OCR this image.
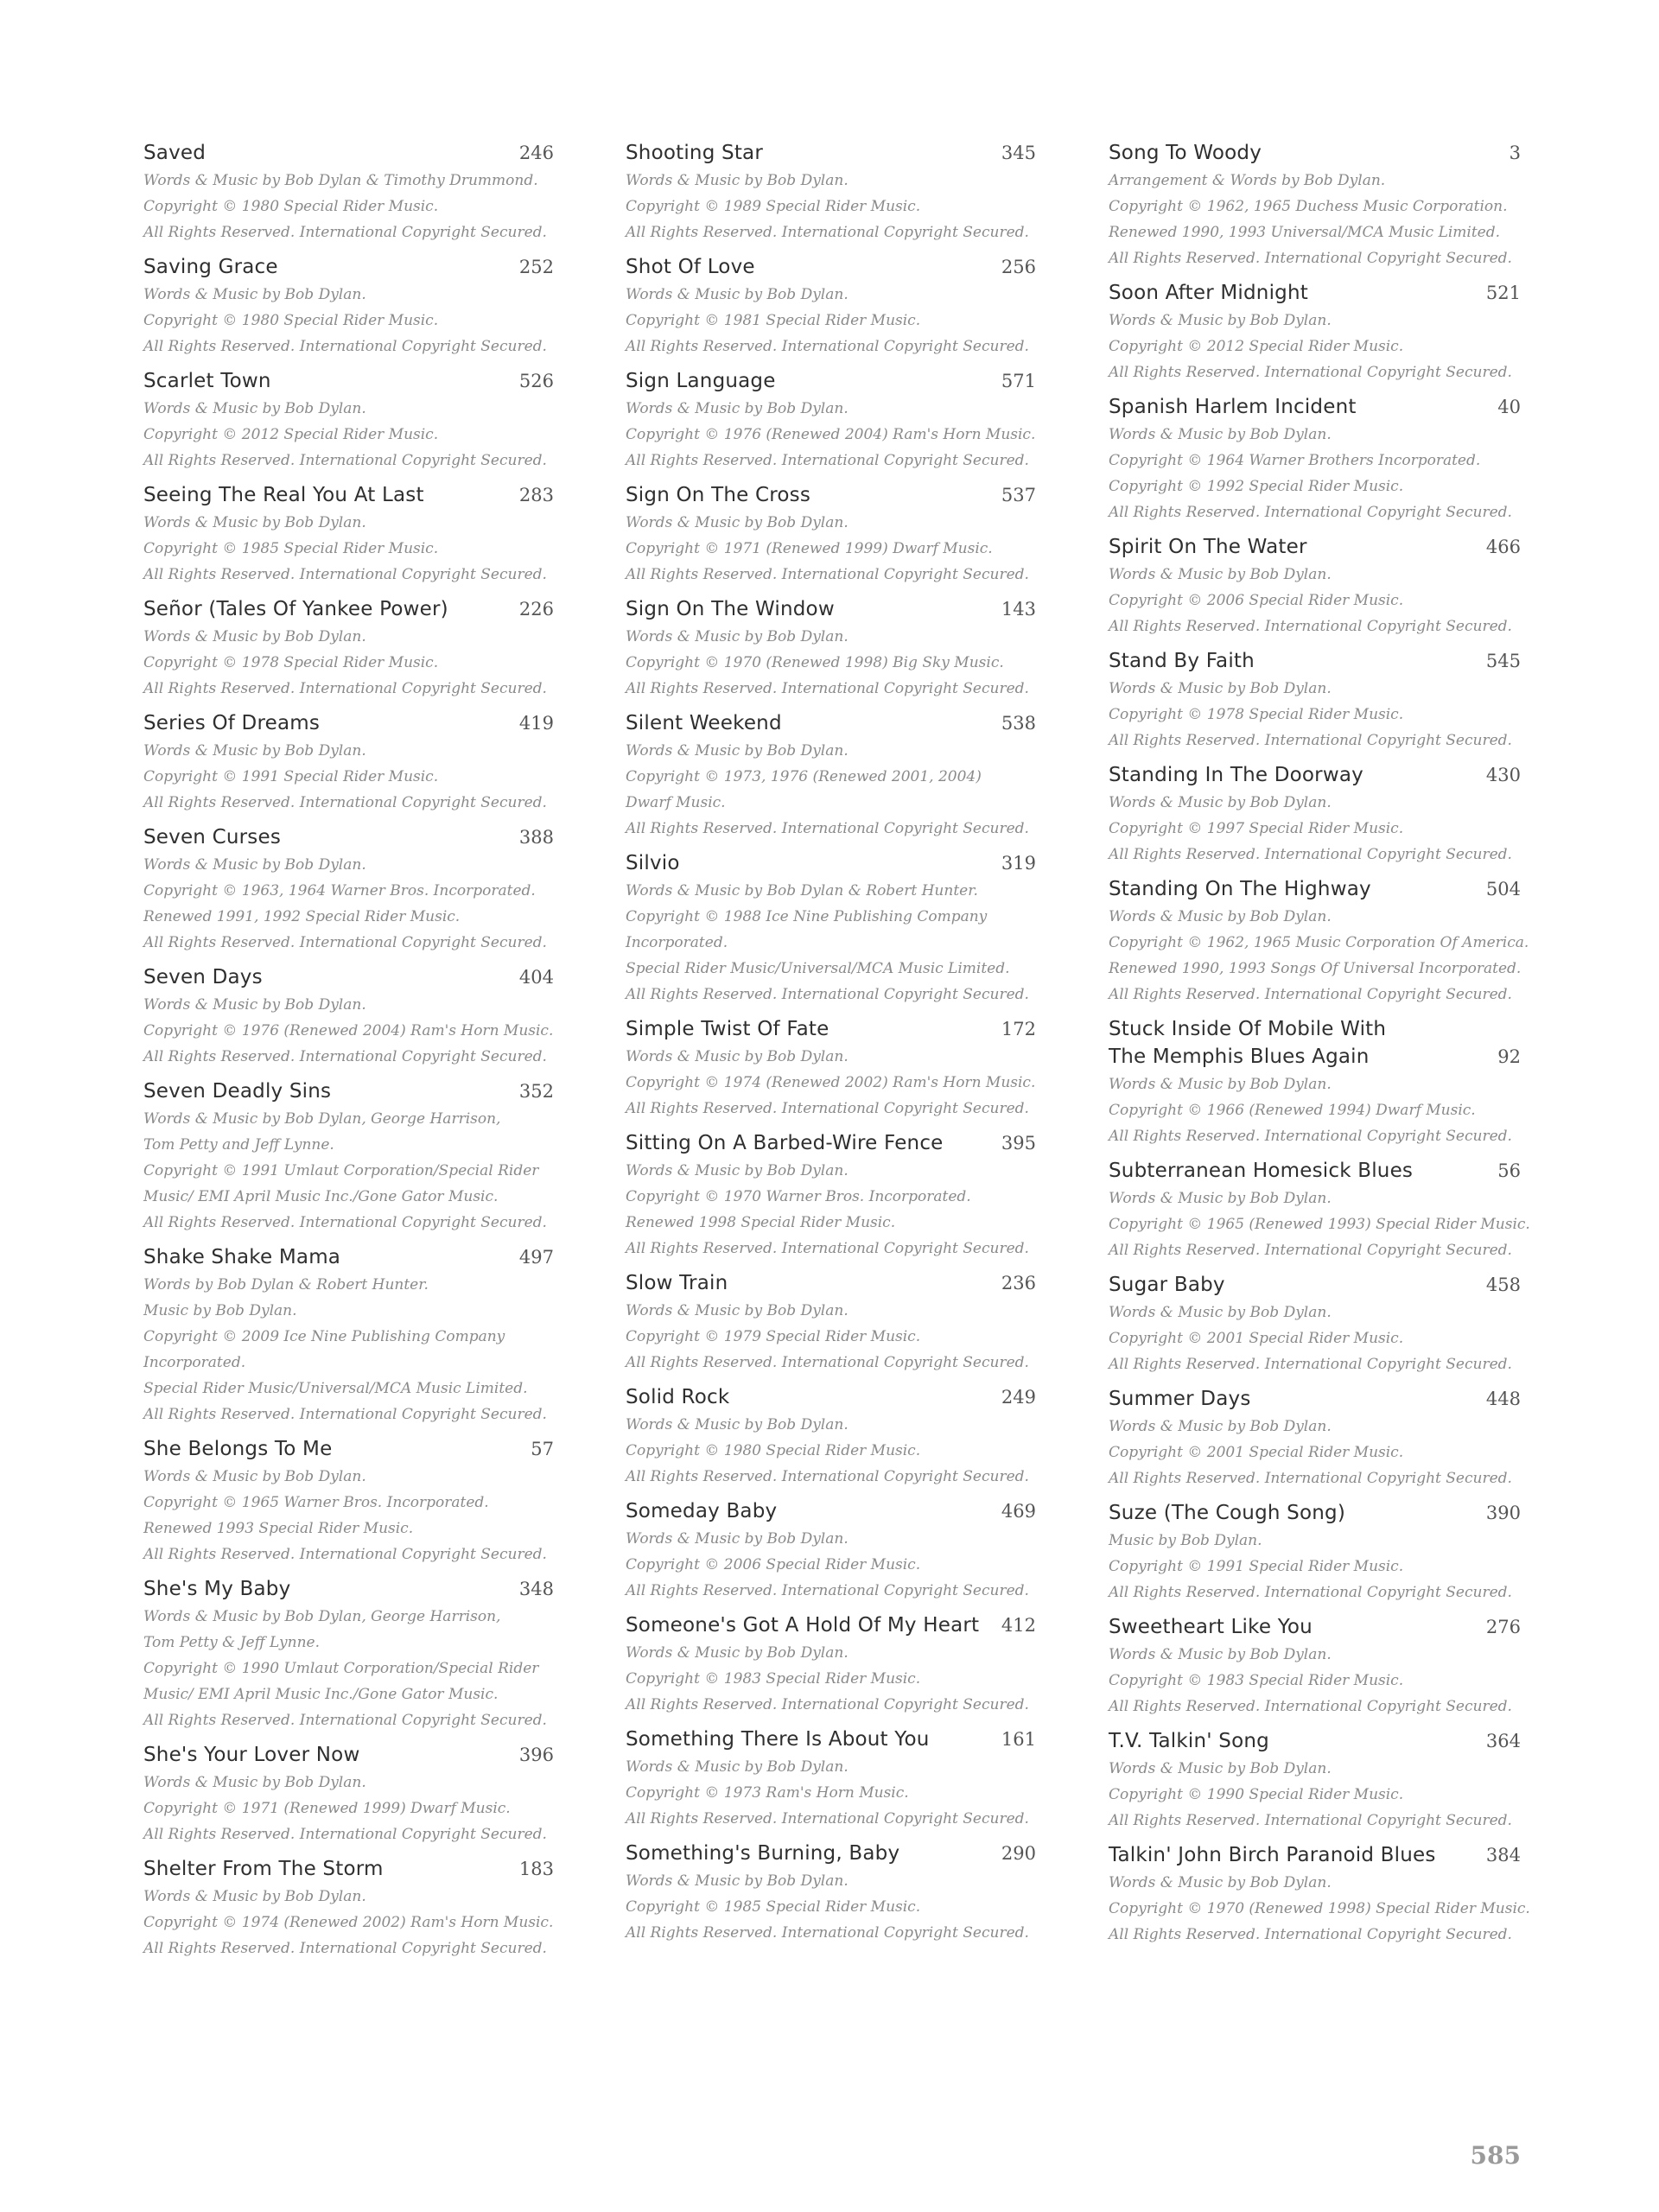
Saved	246
Words & Music by Bob Dylan & Timothy Drummond.
Copyright © 1980 Special Rider Music.
All Rights Reserved. International Copyright Secured.
Saving Grace	252
Words & Music by Bob Dylan.
Copyright © 1980 Special Rider Music.
All Rights Reserved. International Copyright Secured.
Scarlet Town	526
Words & Music by Bob Dylan.
Copyright © 2012 Special Rider Music.
All Rights Reserved. International Copyright Secured.
Seeing The Real You At Last	283
Words & Music by Bob Dylan.
Copyright © 1985 Special Rider Music.
All Rights Reserved. International Copyright Secured.
Señor (Tales Of Yankee Power)	226
Words & Music by Bob Dylan.
Copyright © 1978 Special Rider Music.
All Rights Reserved. International Copyright Secured.
Series Of Dreams	419
Words & Music by Bob Dylan.
Copyright © 1991 Special Rider Music.
All Rights Reserved. International Copyright Secured.
Seven Curses	388
Words & Music by Bob Dylan.
Copyright © 1963, 1964 Warner Bros. Incorporated.
Renewed 1991, 1992 Special Rider Music.
All Rights Reserved. International Copyright Secured.
Seven Days	404
Words & Music by Bob Dylan.
Copyright © 1976 (Renewed 2004) Ram's Horn Music.
All Rights Reserved. International Copyright Secured.
Seven Deadly Sins	352
Words & Music by Bob Dylan, George Harrison,
Tom Petty and Jeff Lynne.
Copyright © 1991 Umlaut Corporation/Special Rider
Music/ EMI April Music Inc./Gone Gator Music.
All Rights Reserved. International Copyright Secured.
Shake Shake Mama	497
Words by Bob Dylan & Robert Hunter.
Music by Bob Dylan.
Copyright © 2009 Ice Nine Publishing Company
Incorporated.
Special Rider Music/Universal/MCA Music Limited.
All Rights Reserved. International Copyright Secured.
She Belongs To Me	57
Words & Music by Bob Dylan.
Copyright © 1965 Warner Bros. Incorporated.
Renewed 1993 Special Rider Music.
All Rights Reserved. International Copyright Secured.
She's My Baby	348
Words & Music by Bob Dylan, George Harrison,
Tom Petty & Jeff Lynne.
Copyright © 1990 Umlaut Corporation/Special Rider
Music/ EMI April Music Inc./Gone Gator Music.
All Rights Reserved. International Copyright Secured.
She's Your Lover Now	396
Words & Music by Bob Dylan.
Copyright © 1971 (Renewed 1999) Dwarf Music.
All Rights Reserved. International Copyright Secured.
Shelter From The Storm	183
Words & Music by Bob Dylan.
Copyright © 1974 (Renewed 2002) Ram's Horn Music.
All Rights Reserved. International Copyright Secured.
Shooting Star	345
Words & Music by Bob Dylan.
Copyright © 1989 Special Rider Music.
All Rights Reserved. International Copyright Secured.
Shot Of Love	256
Words & Music by Bob Dylan.
Copyright © 1981 Special Rider Music.
All Rights Reserved. International Copyright Secured.
Sign Language	571
Words & Music by Bob Dylan.
Copyright © 1976 (Renewed 2004) Ram's Horn Music.
All Rights Reserved. International Copyright Secured.
Sign On The Cross	537
Words & Music by Bob Dylan.
Copyright © 1971 (Renewed 1999) Dwarf Music.
All Rights Reserved. International Copyright Secured.
Sign On The Window	143
Words & Music by Bob Dylan.
Copyright © 1970 (Renewed 1998) Big Sky Music.
All Rights Reserved. International Copyright Secured.
Silent Weekend	538
Words & Music by Bob Dylan.
Copyright © 1973, 1976 (Renewed 2001, 2004)
Dwarf Music.
All Rights Reserved. International Copyright Secured.
Silvio	319
Words & Music by Bob Dylan & Robert Hunter.
Copyright © 1988 Ice Nine Publishing Company
Incorporated.
Special Rider Music/Universal/MCA Music Limited.
All Rights Reserved. International Copyright Secured.
Simple Twist Of Fate	172
Words & Music by Bob Dylan.
Copyright © 1974 (Renewed 2002) Ram's Horn Music.
All Rights Reserved. International Copyright Secured.
Sitting On A Barbed-Wire Fence	395
Words & Music by Bob Dylan.
Copyright © 1970 Warner Bros. Incorporated.
Renewed 1998 Special Rider Music.
All Rights Reserved. International Copyright Secured.
Slow Train	236
Words & Music by Bob Dylan.
Copyright © 1979 Special Rider Music.
All Rights Reserved. International Copyright Secured.
Solid Rock	249
Words & Music by Bob Dylan.
Copyright © 1980 Special Rider Music.
All Rights Reserved. International Copyright Secured.
Someday Baby	469
Words & Music by Bob Dylan.
Copyright © 2006 Special Rider Music.
All Rights Reserved. International Copyright Secured.
Someone's Got A Hold Of My Heart	412
Words & Music by Bob Dylan.
Copyright © 1983 Special Rider Music.
All Rights Reserved. International Copyright Secured.
Something There Is About You	161
Words & Music by Bob Dylan.
Copyright © 1973 Ram's Horn Music.
All Rights Reserved. International Copyright Secured.
Something's Burning, Baby	290
Words & Music by Bob Dylan.
Copyright © 1985 Special Rider Music.
All Rights Reserved. International Copyright Secured.
Song To Woody	3
Arrangement & Words by Bob Dylan.
Copyright © 1962, 1965 Duchess Music Corporation.
Renewed 1990, 1993 Universal/MCA Music Limited.
All Rights Reserved. International Copyright Secured.
Soon After Midnight	521
Words & Music by Bob Dylan.
Copyright © 2012 Special Rider Music.
All Rights Reserved. International Copyright Secured.
Spanish Harlem Incident	40
Words & Music by Bob Dylan.
Copyright © 1964 Warner Brothers Incorporated.
Copyright © 1992 Special Rider Music.
All Rights Reserved. International Copyright Secured.
Spirit On The Water	466
Words & Music by Bob Dylan.
Copyright © 2006 Special Rider Music.
All Rights Reserved. International Copyright Secured.
Stand By Faith	545
Words & Music by Bob Dylan.
Copyright © 1978 Special Rider Music.
All Rights Reserved. International Copyright Secured.
Standing In The Doorway	430
Words & Music by Bob Dylan.
Copyright © 1997 Special Rider Music.
All Rights Reserved. International Copyright Secured.
Standing On The Highway	504
Words & Music by Bob Dylan.
Copyright © 1962, 1965 Music Corporation Of America.
Renewed 1990, 1993 Songs Of Universal Incorporated.
All Rights Reserved. International Copyright Secured.
Stuck Inside Of Mobile With
The Memphis Blues Again	92
Words & Music by Bob Dylan.
Copyright © 1966 (Renewed 1994) Dwarf Music.
All Rights Reserved. International Copyright Secured.
Subterranean Homesick Blues	56
Words & Music by Bob Dylan.
Copyright © 1965 (Renewed 1993) Special Rider Music.
All Rights Reserved. International Copyright Secured.
Sugar Baby	458
Words & Music by Bob Dylan.
Copyright © 2001 Special Rider Music.
All Rights Reserved. International Copyright Secured.
Summer Days	448
Words & Music by Bob Dylan.
Copyright © 2001 Special Rider Music.
All Rights Reserved. International Copyright Secured.
Suze (The Cough Song)	390
Music by Bob Dylan.
Copyright © 1991 Special Rider Music.
All Rights Reserved. International Copyright Secured.
Sweetheart Like You	276
Words & Music by Bob Dylan.
Copyright © 1983 Special Rider Music.
All Rights Reserved. International Copyright Secured.
T.V. Talkin' Song	364
Words & Music by Bob Dylan.
Copyright © 1990 Special Rider Music.
All Rights Reserved. International Copyright Secured.
Talkin' John Birch Paranoid Blues	384
Words & Music by Bob Dylan.
Copyright © 1970 (Renewed 1998) Special Rider Music.
All Rights Reserved. International Copyright Secured.
585
